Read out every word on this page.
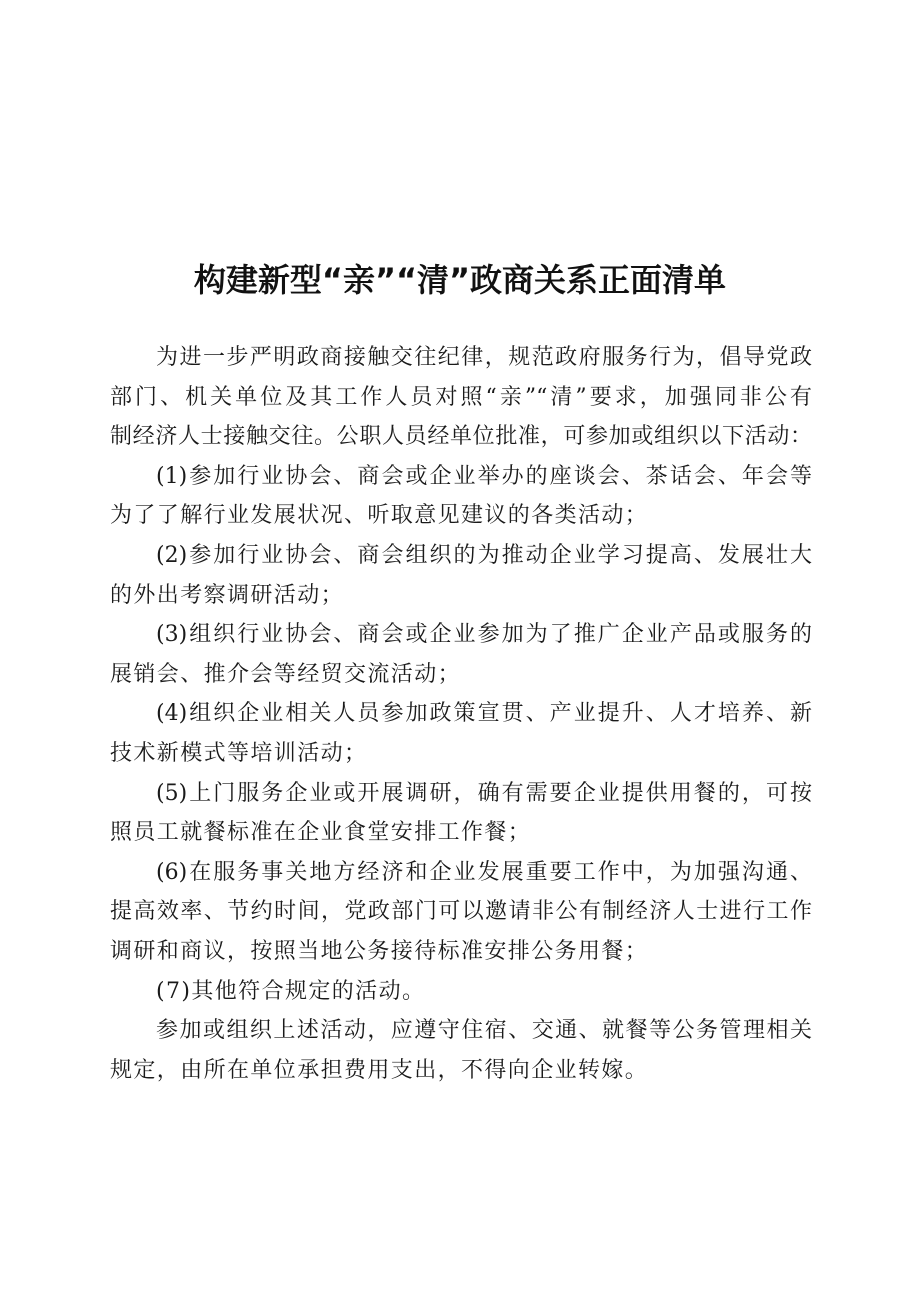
构建新型“亲”“清”政商关系正面清单
为进一步严明政商接触交往纪律，规范政府服务行为，倡导党政
部门、机关单位及其工作人员对照“亲”“清”要求，加强同非公有
制经济人士接触交往。公职人员经单位批准，可参加或组织以下活动：
(1)参加行业协会、商会或企业举办的座谈会、茶话会、年会等
为了了解行业发展状况、听取意见建议的各类活动；
(2)参加行业协会、商会组织的为推动企业学习提高、发展壮大
的外出考察调研活动；
(3)组织行业协会、商会或企业参加为了推广企业产品或服务的
展销会、推介会等经贸交流活动；
(4)组织企业相关人员参加政策宣贯、产业提升、人才培养、新
技术新模式等培训活动；
(5)上门服务企业或开展调研，确有需要企业提供用餐的，可按
照员工就餐标准在企业食堂安排工作餐；
(6)在服务事关地方经济和企业发展重要工作中，为加强沟通、
提高效率、节约时间，党政部门可以邀请非公有制经济人士进行工作
调研和商议，按照当地公务接待标准安排公务用餐；
(7)其他符合规定的活动。
参加或组织上述活动，应遵守住宿、交通、就餐等公务管理相关
规定，由所在单位承担费用支出，不得向企业转嫁。
